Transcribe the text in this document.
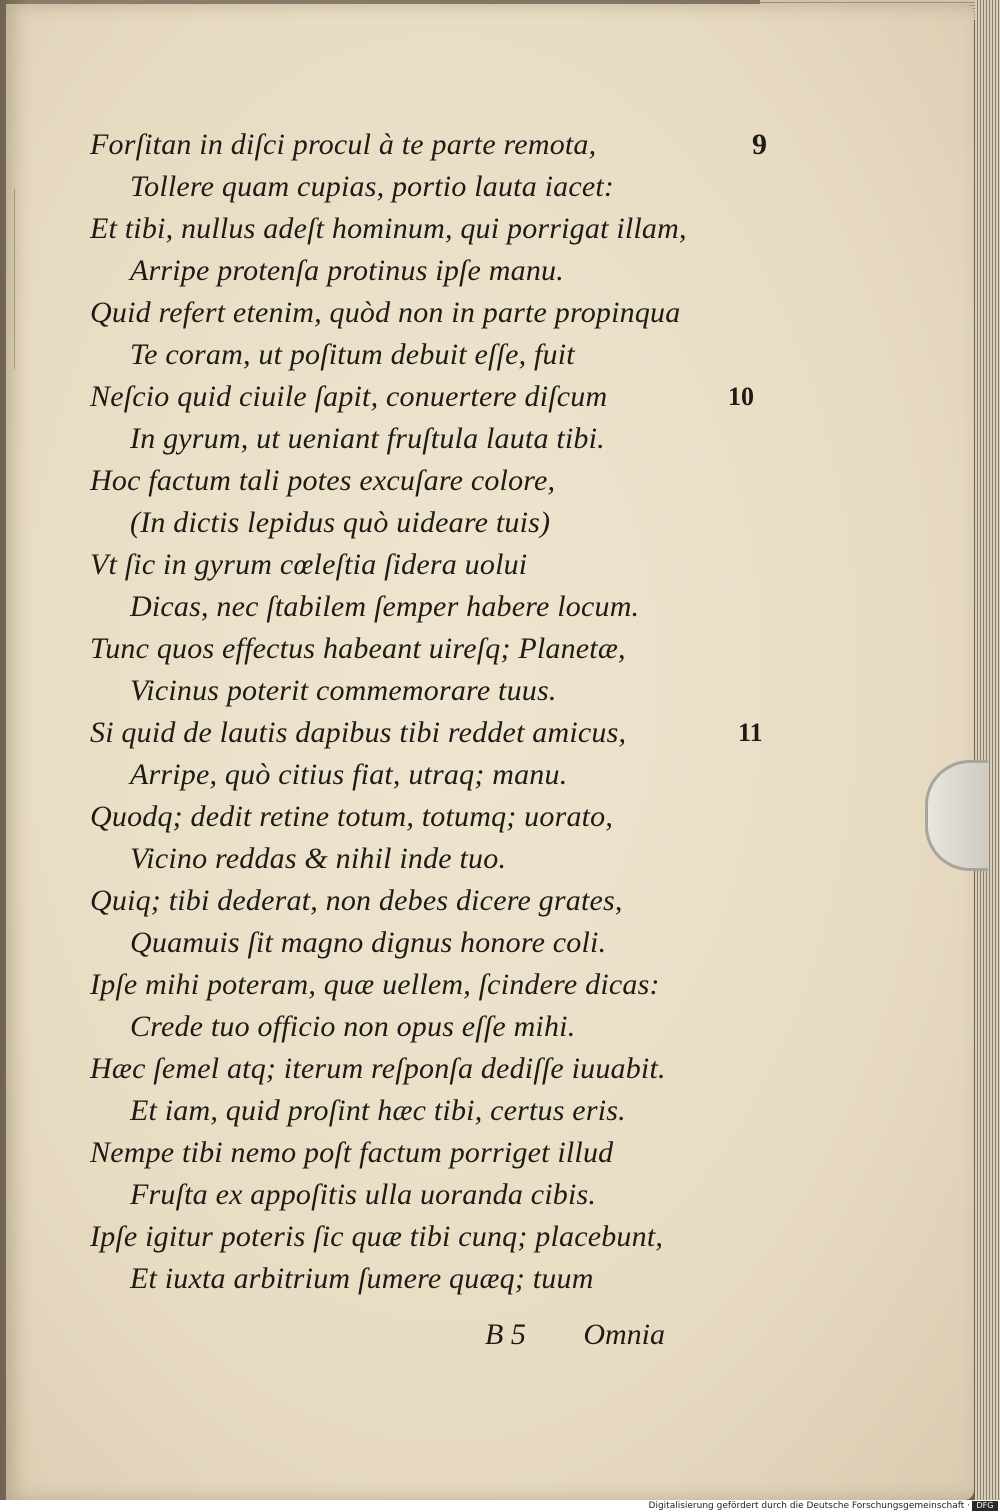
Forſitan in diſci procul à te parte remota,
Tollere quam cupias, portio lauta iacet:
Et tibi, nullus adeſt hominum, qui porrigat illam,
Arripe protenſa protinus ipſe manu.
Quid refert etenim, quòd non in parte propinqua
Te coram, ut poſitum debuit eſſe, fuit
Neſcio quid ciuile ſapit, conuertere diſcum
In gyrum, ut ueniant fruſtula lauta tibi.
Hoc factum tali potes excuſare colore,
(In dictis lepidus quò uideare tuis)
Vt ſic in gyrum cœleſtia ſidera uolui
Dicas, nec ſtabilem ſemper habere locum.
Tunc quos effectus habeant uireſq; Planetæ,
Vicinus poterit commemorare tuus.
Si quid de lautis dapibus tibi reddet amicus,
Arripe, quò citius fiat, utraq; manu.
Quodq; dedit retine totum, totumq; uorato,
Vicino reddas & nihil inde tuo.
Quiq; tibi dederat, non debes dicere grates,
Quamuis ſit magno dignus honore coli.
Ipſe mihi poteram, quæ uellem, ſcindere dicas:
Crede tuo officio non opus eſſe mihi.
Hæc ſemel atq; iterum reſponſa dediſſe iuuabit.
Et iam, quid proſint hæc tibi, certus eris.
Nempe tibi nemo poſt factum porriget illud
Fruſta ex appoſitis ulla uoranda cibis.
Ipſe igitur poteris ſic quæ tibi cunq; placebunt,
Et iuxta arbitrium ſumere quæq; tuum
9
10
11
B 5 Omnia
Digitalisierung gefördert durch die Deutsche Forschungsgemeinschaft · DFG
